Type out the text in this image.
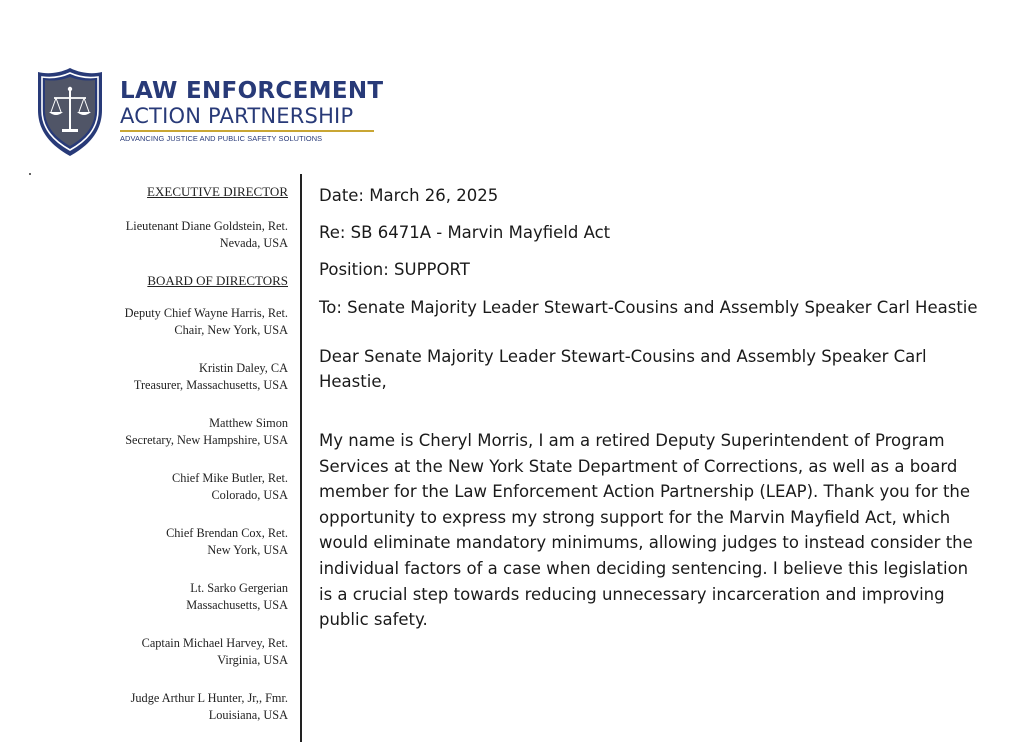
LAW ENFORCEMENT
ACTION PARTNERSHIP
ADVANCING JUSTICE AND PUBLIC SAFETY SOLUTIONS
EXECUTIVE DIRECTOR
Lieutenant Diane Goldstein, Ret.
Nevada, USA
BOARD OF DIRECTORS
Deputy Chief Wayne Harris, Ret.
Chair, New York, USA
Kristin Daley, CA
Treasurer, Massachusetts, USA
Matthew Simon
Secretary, New Hampshire, USA
Chief Mike Butler, Ret.
Colorado, USA
Chief Brendan Cox, Ret.
New York, USA
Lt. Sarko Gergerian
Massachusetts, USA
Captain Michael Harvey, Ret.
Virginia, USA
Judge Arthur L Hunter, Jr,, Fmr.
Louisiana, USA
Date: March 26, 2025
Re: SB 6471A - Marvin Mayfield Act
Position: SUPPORT
To: Senate Majority Leader Stewart-Cousins and Assembly Speaker Carl Heastie
Dear Senate Majority Leader Stewart-Cousins and Assembly Speaker Carl Heastie,
My name is Cheryl Morris, I am a retired Deputy Superintendent of Program Services at the New York State Department of Corrections, as well as a board member for the Law Enforcement Action Partnership (LEAP). Thank you for the opportunity to express my strong support for the Marvin Mayfield Act, which would eliminate mandatory minimums, allowing judges to instead consider the individual factors of a case when deciding sentencing. I believe this legislation is a crucial step towards reducing unnecessary incarceration and improving public safety.
